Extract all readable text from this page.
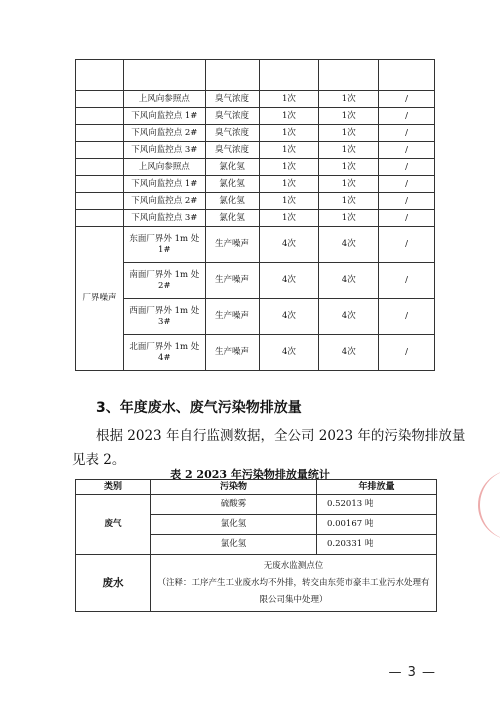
	上风向参照点	臭气浓度	1次	1次	/
	下风向监控点 1#	臭气浓度	1次	1次	/
	下风向监控点 2#	臭气浓度	1次	1次	/
	下风向监控点 3#	臭气浓度	1次	1次	/
	上风向参照点	氯化氢	1次	1次	/
	下风向监控点 1#	氯化氢	1次	1次	/
	下风向监控点 2#	氯化氢	1次	1次	/
	下风向监控点 3#	氯化氢	1次	1次	/
厂界噪声	东面厂界外 1m 处 1#	生产噪声	4次	4次	/
	南面厂界外 1m 处 2#	生产噪声	4次	4次	/
	西面厂界外 1m 处 3#	生产噪声	4次	4次	/
	北面厂界外 1m 处 4#	生产噪声	4次	4次	/
3、年度废水、废气污染物排放量
根据 2023 年自行监测数据，全公司 2023 年的污染物排放量
见表 2。
表 2 2023 年污染物排放量统计
类别	污染物	年排放量
废气	硫酸雾	0.52013 吨
	氯化氢	0.00167 吨
	氯化氢	0.20331 吨
废水	无废水监测点位
（注释：工序产生工业废水均不外排，转交由东莞市豪丰工业污水处理有限公司集中处理）	
— 3 —
